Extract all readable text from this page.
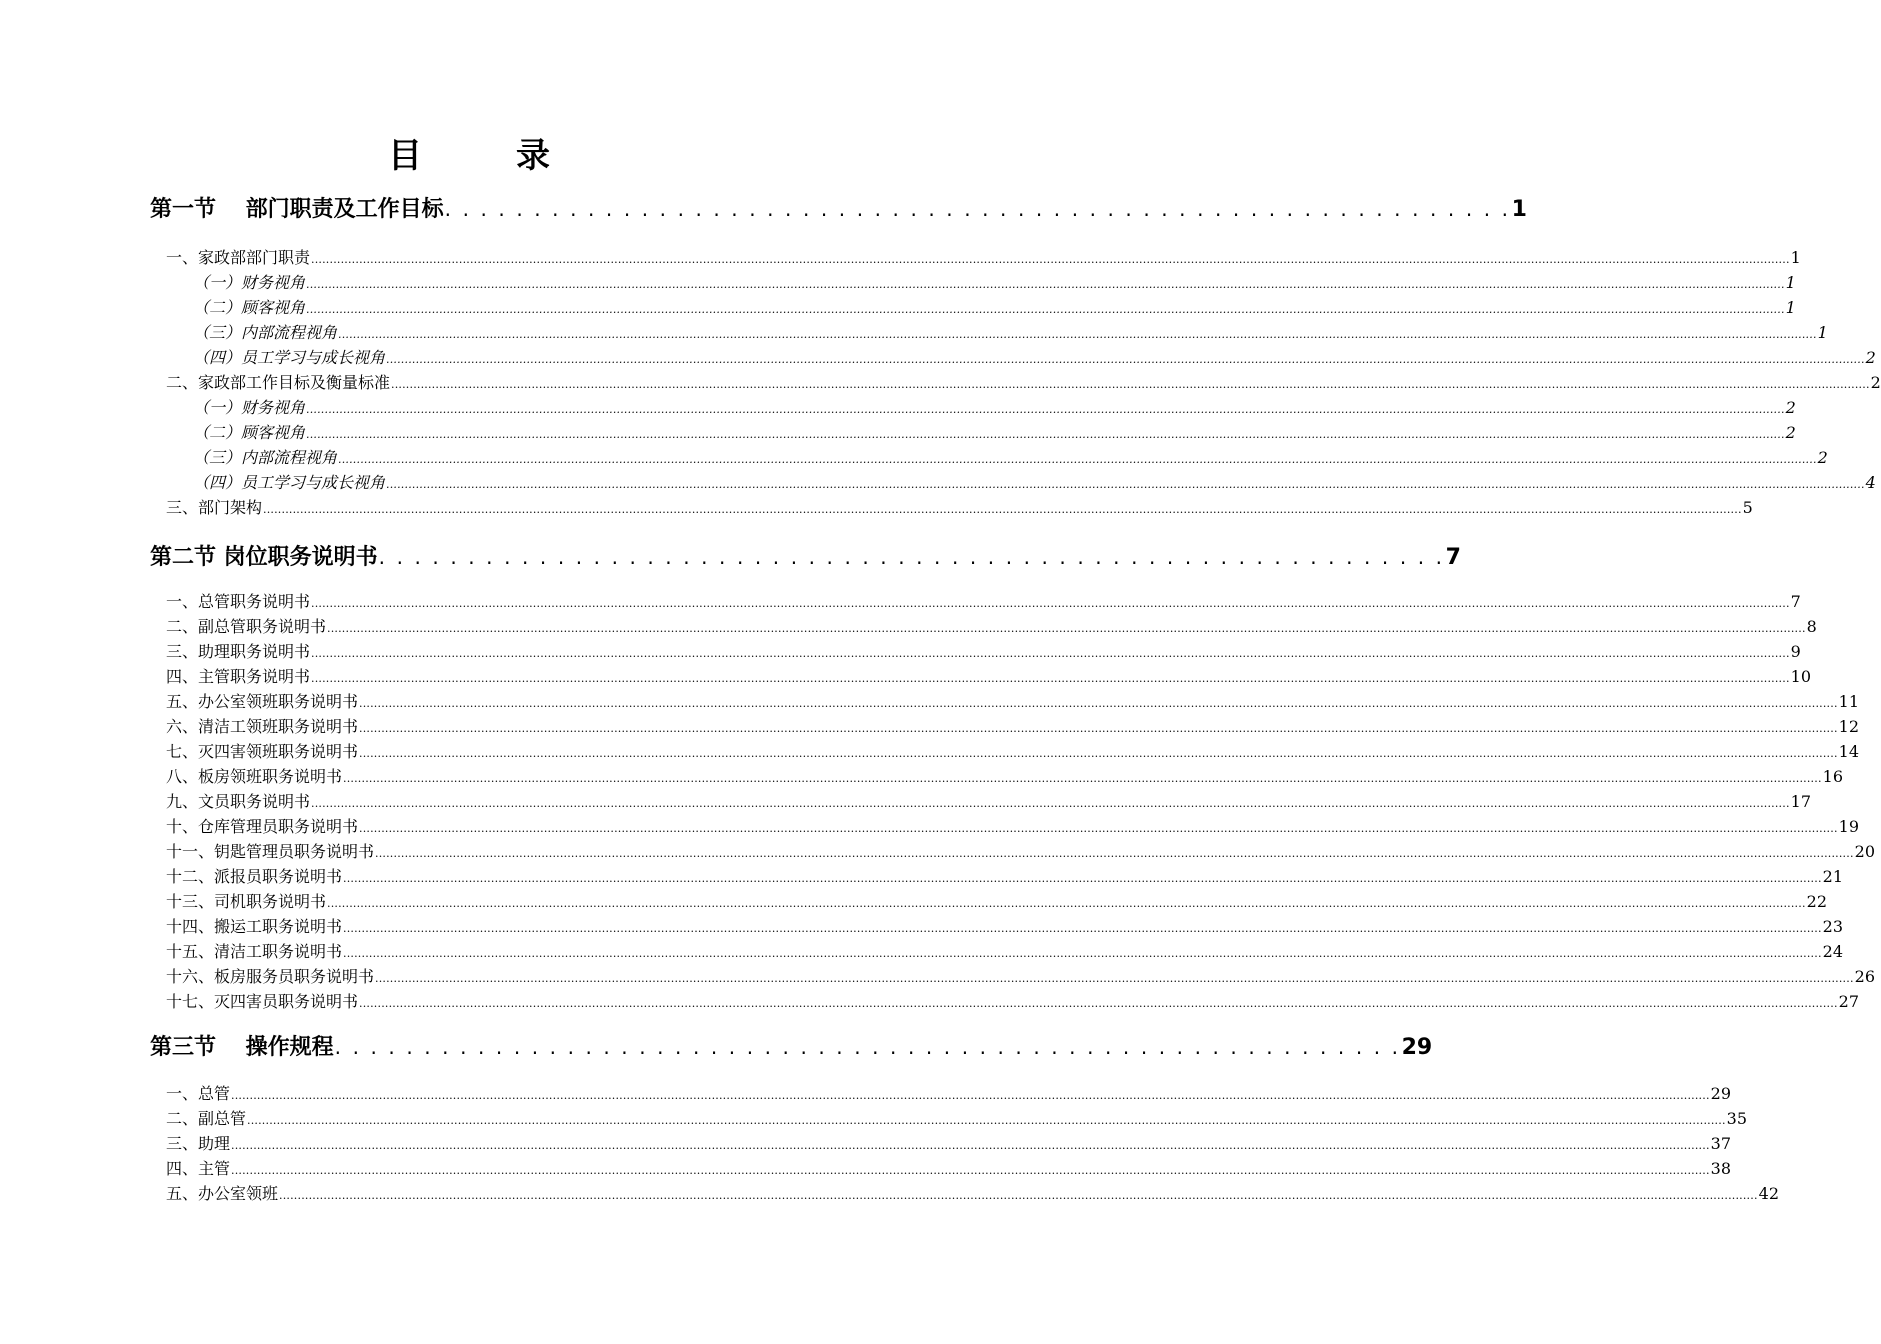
目　录
第一节　 部门职责及工作目标 . . . . . . . . . . . . . . . . . . . . . . . . . . . . . . . . . . . . . . . . . . . . . . . . . . . . . . . . . . . . 1
一、家政部部门职责 ................................................................................................................................................................................................................................................................................................................................................................................................................ 1
（一）财务视角 ................................................................................................................................................................................................................................................................................................................................................................................................................ 1
（二）顾客视角 ................................................................................................................................................................................................................................................................................................................................................................................................................ 1
（三）内部流程视角 ................................................................................................................................................................................................................................................................................................................................................................................................................ 1
（四）员工学习与成长视角 ................................................................................................................................................................................................................................................................................................................................................................................................................ 2
二、家政部工作目标及衡量标准 ................................................................................................................................................................................................................................................................................................................................................................................................................ 2
（一）财务视角 ................................................................................................................................................................................................................................................................................................................................................................................................................ 2
（二）顾客视角 ................................................................................................................................................................................................................................................................................................................................................................................................................ 2
（三）内部流程视角 ................................................................................................................................................................................................................................................................................................................................................................................................................ 2
（四）员工学习与成长视角 ................................................................................................................................................................................................................................................................................................................................................................................................................ 4
三、部门架构 ................................................................................................................................................................................................................................................................................................................................................................................................................ 5
第二节 岗位职务说明书 . . . . . . . . . . . . . . . . . . . . . . . . . . . . . . . . . . . . . . . . . . . . . . . . . . . . . . . . . . . . 7
一、总管职务说明书 ................................................................................................................................................................................................................................................................................................................................................................................................................ 7
二、副总管职务说明书 ................................................................................................................................................................................................................................................................................................................................................................................................................ 8
三、助理职务说明书 ................................................................................................................................................................................................................................................................................................................................................................................................................ 9
四、主管职务说明书 ................................................................................................................................................................................................................................................................................................................................................................................................................ 10
五、办公室领班职务说明书 ................................................................................................................................................................................................................................................................................................................................................................................................................ 11
六、清洁工领班职务说明书 ................................................................................................................................................................................................................................................................................................................................................................................................................ 12
七、灭四害领班职务说明书 ................................................................................................................................................................................................................................................................................................................................................................................................................ 14
八、板房领班职务说明书 ................................................................................................................................................................................................................................................................................................................................................................................................................ 16
九、文员职务说明书 ................................................................................................................................................................................................................................................................................................................................................................................................................ 17
十、仓库管理员职务说明书 ................................................................................................................................................................................................................................................................................................................................................................................................................ 19
十一、钥匙管理员职务说明书 ................................................................................................................................................................................................................................................................................................................................................................................................................ 20
十二、派报员职务说明书 ................................................................................................................................................................................................................................................................................................................................................................................................................ 21
十三、司机职务说明书 ................................................................................................................................................................................................................................................................................................................................................................................................................ 22
十四、搬运工职务说明书 ................................................................................................................................................................................................................................................................................................................................................................................................................ 23
十五、清洁工职务说明书 ................................................................................................................................................................................................................................................................................................................................................................................................................ 24
十六、板房服务员职务说明书 ................................................................................................................................................................................................................................................................................................................................................................................................................ 26
十七、灭四害员职务说明书 ................................................................................................................................................................................................................................................................................................................................................................................................................ 27
第三节　 操作规程 . . . . . . . . . . . . . . . . . . . . . . . . . . . . . . . . . . . . . . . . . . . . . . . . . . . . . . . . . . . . 29
一、总管 ................................................................................................................................................................................................................................................................................................................................................................................................................ 29
二、副总管 ................................................................................................................................................................................................................................................................................................................................................................................................................ 35
三、助理 ................................................................................................................................................................................................................................................................................................................................................................................................................ 37
四、主管 ................................................................................................................................................................................................................................................................................................................................................................................................................ 38
五、办公室领班 ................................................................................................................................................................................................................................................................................................................................................................................................................ 42
